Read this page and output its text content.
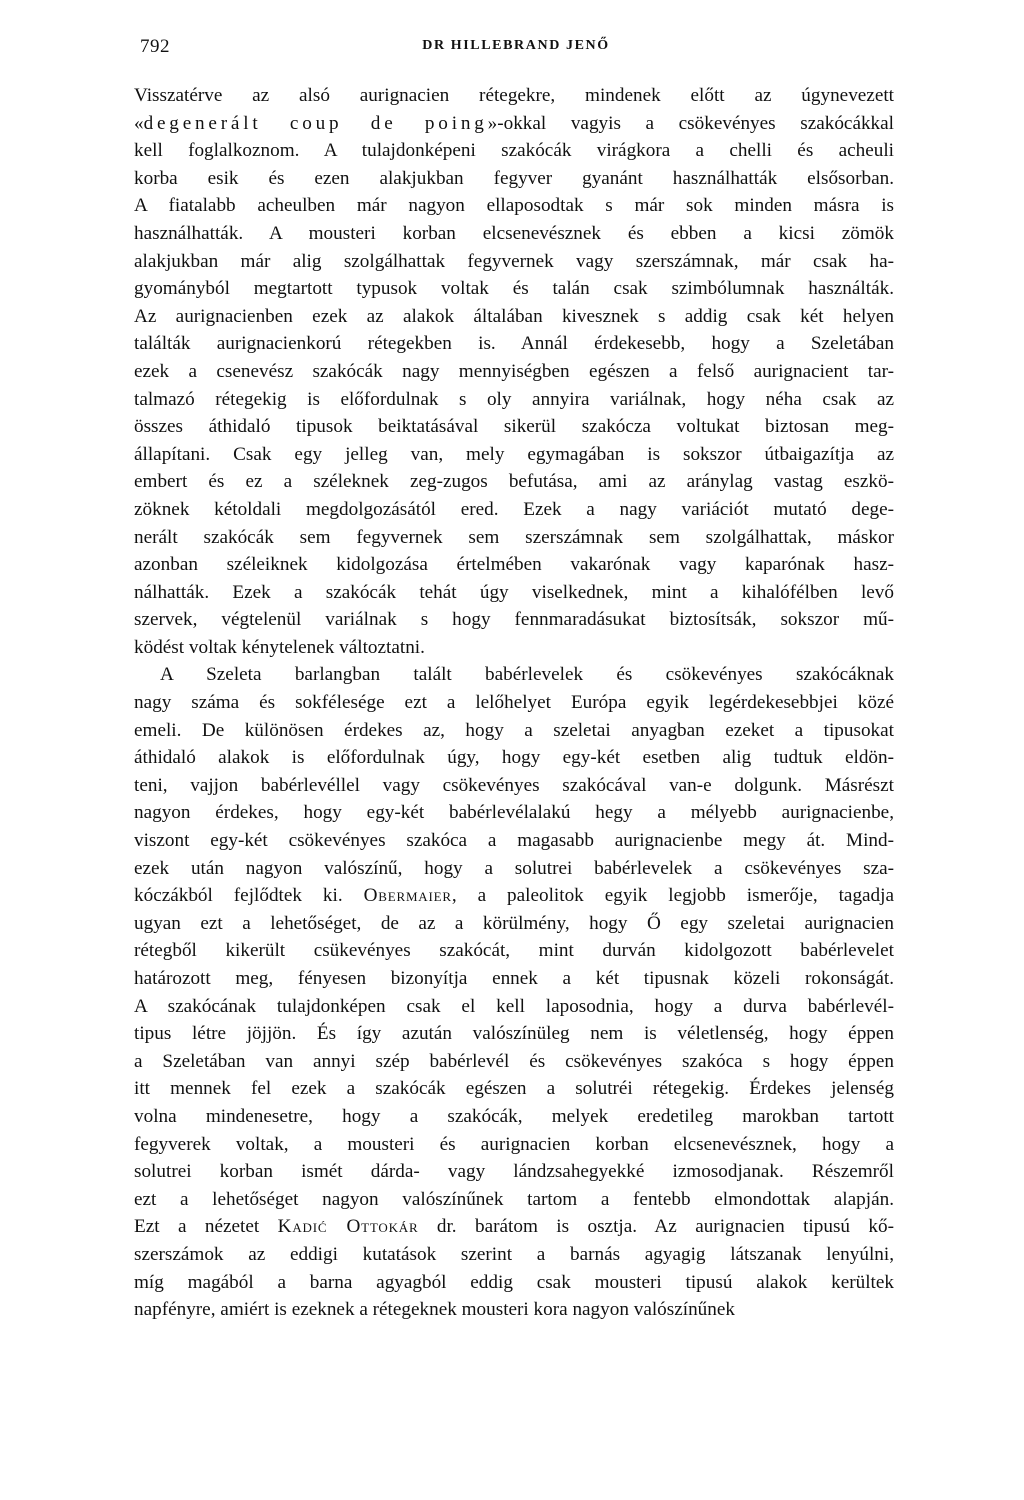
792	DR HILLEBRAND JENŐ
Visszatérve az alsó aurignacien rétegekre, mindenek előtt az úgynevezett
«degenerált coup de poing»-okkal vagyis a csökevényes szakócákkal
kell foglalkoznom. A tulajdonképeni szakócák virágkora a chelli és acheuli
korba esik és ezen alakjukban fegyver gyanánt használhatták elsősorban.
A fiatalabb acheulben már nagyon ellaposodtak s már sok minden másra is
használhatták. A mousteri korban elcsenevésznek és ebben a kicsi zömök
alakjukban már alig szolgálhattak fegyvernek vagy szerszámnak, már csak ha-
gyományból megtartott typusok voltak és talán csak szimbólumnak használták.
Az aurignacienben ezek az alakok általában kivesznek s addig csak két helyen
találták aurignacienkorú rétegekben is. Annál érdekesebb, hogy a Szeletában
ezek a csenevész szakócák nagy mennyiségben egészen a felső aurignacient tar-
talmazó rétegekig is előfordulnak s oly annyira variálnak, hogy néha csak az
összes áthidaló tipusok beiktatásával sikerül szakócza voltukat biztosan meg-
állapítani. Csak egy jelleg van, mely egymagában is sokszor útbaigazítja az
embert és ez a széleknek zeg-zugos befutása, ami az aránylag vastag eszkö-
zöknek kétoldali megdolgozásától ered. Ezek a nagy variációt mutató dege-
nerált szakócák sem fegyvernek sem szerszámnak sem szolgálhattak, máskor
azonban széleiknek kidolgozása értelmében vakarónak vagy kaparónak hasz-
nálhatták. Ezek a szakócák tehát úgy viselkednek, mint a kihalófélben levő
szervek, végtelenül variálnak s hogy fennmaradásukat biztosítsák, sokszor mű-
ködést voltak kénytelenek változtatni.
A Szeleta barlangban talált babérlevelek és csökevényes szakócáknak
nagy száma és sokfélesége ezt a lelőhelyet Európa egyik legérdekesebbjei közé
emeli. De különösen érdekes az, hogy a szeletai anyagban ezeket a tipusokat
áthidaló alakok is előfordulnak úgy, hogy egy-két esetben alig tudtuk eldön-
teni, vajjon babérlevéllel vagy csökevényes szakócával van-e dolgunk. Másrészt
nagyon érdekes, hogy egy-két babérlevélalakú hegy a mélyebb aurignacienbe,
viszont egy-két csökevényes szakóca a magasabb aurignacienbe megy át. Mind-
ezek után nagyon valószínű, hogy a solutrei babérlevelek a csökevényes sza-
kóczákból fejlődtek ki. Obermaier, a paleolitok egyik legjobb ismerője, tagadja
ugyan ezt a lehetőséget, de az a körülmény, hogy Ő egy szeletai aurignacien
rétegből kikerült csükevényes szakócát, mint durván kidolgozott babérlevelet
határozott meg, fényesen bizonyítja ennek a két tipusnak közeli rokonságát.
A szakócának tulajdonképen csak el kell laposodnia, hogy a durva babérlevél-
tipus létre jöjjön. És így azután valószínüleg nem is véletlenség, hogy éppen
a Szeletában van annyi szép babérlevél és csökevényes szakóca s hogy éppen
itt mennek fel ezek a szakócák egészen a solutréi rétegekig. Érdekes jelenség
volna mindenesetre, hogy a szakócák, melyek eredetileg marokban tartott
fegyverek voltak, a mousteri és aurignacien korban elcsenevésznek, hogy a
solutrei korban ismét dárda- vagy lándzsahegyekké izmosodjanak. Részemről
ezt a lehetőséget nagyon valószínűnek tartom a fentebb elmondottak alapján.
Ezt a nézetet Kadić Ottokár dr. barátom is osztja. Az aurignacien tipusú kő-
szerszámok az eddigi kutatások szerint a barnás agyagig látszanak lenyúlni,
míg magából a barna agyagból eddig csak mousteri tipusú alakok kerültek
napfényre, amiért is ezeknek a rétegeknek mousteri kora nagyon valószínűnek
